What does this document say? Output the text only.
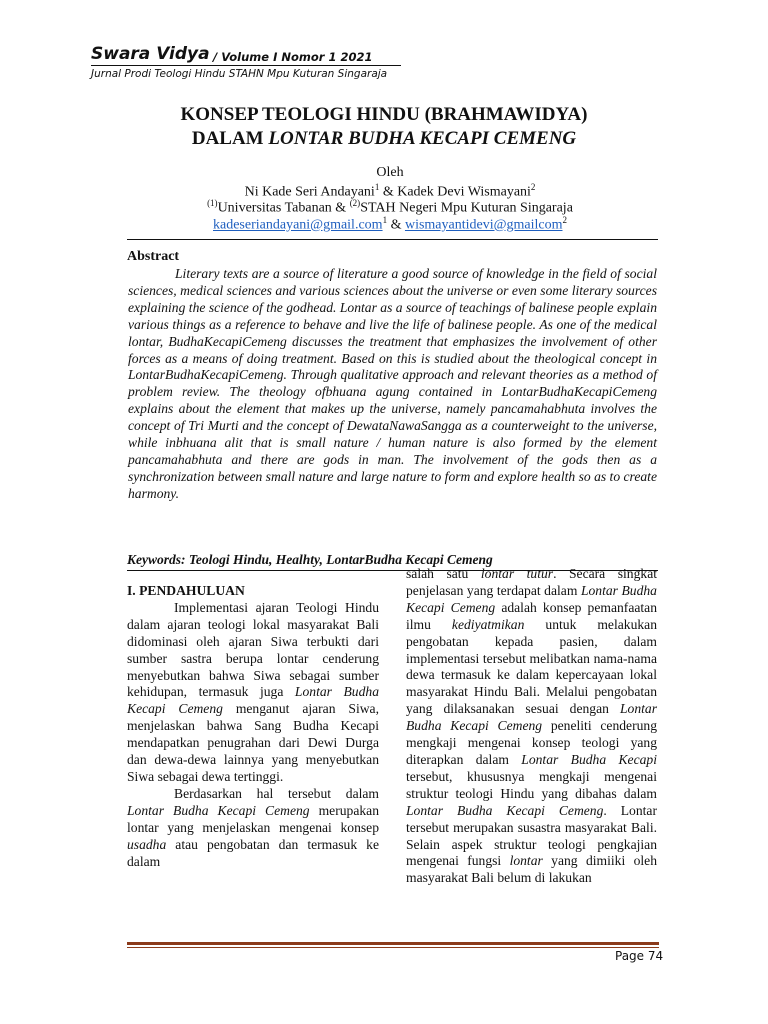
Swara Vidya / Volume I Nomor 1 2021
Jurnal Prodi Teologi Hindu STAHN Mpu Kuturan Singaraja
KONSEP TEOLOGI HINDU (BRAHMAWIDYA)
DALAM LONTAR BUDHA KECAPI CEMENG
Oleh
Ni Kade Seri Andayani$^1$ & Kadek Devi Wismayani$^2$
$^{(1)}$Universitas Tabanan & $^{(2)}$STAH Negeri Mpu Kuturan Singaraja
kadeseriandayani@gmail.com$^1$ & wismayantidevi@gmailcom$^2$
Abstract

Literary texts are a source of literature a good source of knowledge in the field of social sciences, medical sciences and various sciences about the universe or even some literary sources explaining the science of the godhead. Lontar as a source of teachings of balinese people explain various things as a reference to behave and live the life of balinese people. As one of the medical lontar, BudhaKecapiCemeng discusses the treatment that emphasizes the involvement of other forces as a means of doing treatment. Based on this is studied about the theological concept in LontarBudhaKecapiCemeng. Through qualitative approach and relevant theories as a method of problem review. The theology ofbhuana agung contained in LontarBudhaKecapiCemeng explains about the element that makes up the universe, namely pancamahabhuta involves the concept of Tri Murti and the concept of DewataNawaSangga as a counterweight to the universe, while inbhuana alit that is small nature / human nature is also formed by the element pancamahabhuta and there are gods in man. The involvement of the gods then as a synchronization between small nature and large nature to form and explore health so as to create harmony.

Keywords: Teologi Hindu, Healhty, LontarBudha Kecapi Cemeng

I. PENDAHULUAN

Implementasi ajaran Teologi Hindu dalam ajaran teologi lokal masyarakat Bali didominasi oleh ajaran Siwa terbukti dari sumber sastra berupa lontar cenderung menyebutkan bahwa Siwa sebagai sumber kehidupan, termasuk juga Lontar Budha Kecapi Cemeng menganut ajaran Siwa, menjelaskan bahwa Sang Budha Kecapi mendapatkan penugrahan dari Dewi Durga dan dewa-dewa lainnya yang menyebutkan Siwa sebagai dewa tertinggi.

Berdasarkan hal tersebut dalam Lontar Budha Kecapi Cemeng merupakan lontar yang menjelaskan mengenai konsep usadha atau pengobatan dan termasuk ke dalam

salah satu lontar tutur. Secara singkat penjelasan yang terdapat dalam Lontar Budha Kecapi Cemeng adalah konsep pemanfaatan ilmu kediyatmikan untuk melakukan pengobatan kepada pasien, dalam implementasi tersebut melibatkan nama-nama dewa termasuk ke dalam kepercayaan lokal masyarakat Hindu Bali. Melalui pengobatan yang dilaksanakan sesuai dengan Lontar Budha Kecapi Cemeng peneliti cenderung mengkaji mengenai konsep teologi yang diterapkan dalam Lontar Budha Kecapi tersebut, khususnya mengkaji mengenai struktur teologi Hindu yang dibahas dalam Lontar Budha Kecapi Cemeng. Lontar tersebut merupakan susastra masyarakat Bali. Selain aspek struktur teologi pengkajian mengenai fungsi lontar yang dimiiki oleh masyarakat Bali belum di lakukan

Page 74
